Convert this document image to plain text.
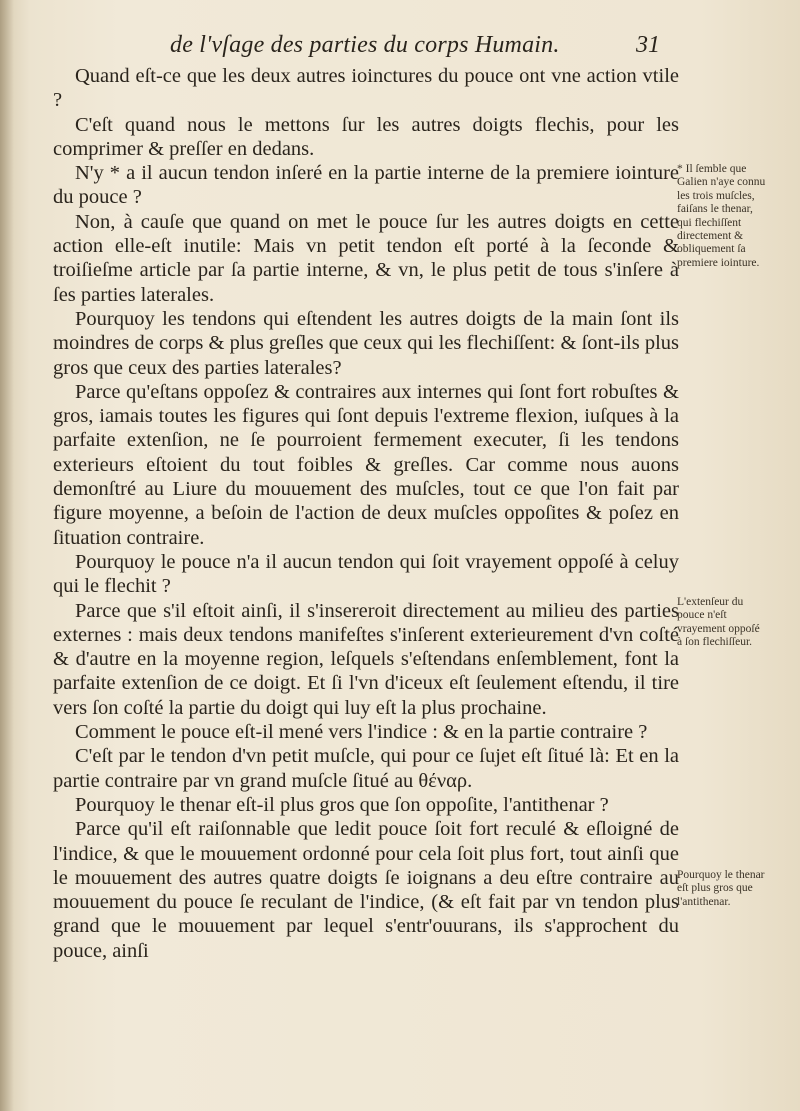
de l'vſage des parties du corps Humain.	31

Quand eſt-ce que les deux autres ioinctures du pouce ont vne action vtile ?

C'eſt quand nous le mettons ſur les autres doigts flechis, pour les comprimer & preſſer en dedans.

N'y * a il aucun tendon inſeré en la partie interne de la premiere iointure du pouce ?

Non, à cauſe que quand on met le pouce ſur les autres doigts en cette action elle-eſt inutile: Mais vn petit tendon eſt porté à la ſeconde & troiſieſme article par ſa partie interne, & vn, le plus petit de tous s'inſere à ſes parties laterales.

Pourquoy les tendons qui eſtendent les autres doigts de la main ſont ils moindres de corps & plus greſles que ceux qui les flechiſſent: & ſont-ils plus gros que ceux des parties laterales?

Parce qu'eſtans oppoſez & contraires aux internes qui ſont fort robuſtes & gros, iamais toutes les figures qui ſont depuis l'extreme flexion, iuſques à la parfaite extenſion, ne ſe pourroient fermement executer, ſi les tendons exterieurs eſtoient du tout foibles & greſles. Car comme nous auons demonſtré au Liure du mouuement des muſcles, tout ce que l'on fait par figure moyenne, a beſoin de l'action de deux muſcles oppoſites & poſez en ſituation contraire.

Pourquoy le pouce n'a il aucun tendon qui ſoit vrayement oppoſé à celuy qui le flechit ?

Parce que s'il eſtoit ainſi, il s'insereroit directement au milieu des parties externes : mais deux tendons manifeſtes s'inſerent exterieurement d'vn coſté & d'autre en la moyenne region, leſquels s'eſtendans enſemblement, font la parfaite extenſion de ce doigt. Et ſi l'vn d'iceux eſt ſeulement eſtendu, il tire vers ſon coſté la partie du doigt qui luy eſt la plus prochaine.

Comment le pouce eſt-il mené vers l'indice : & en la partie contraire ?

C'eſt par le tendon d'vn petit muſcle, qui pour ce ſujet eſt ſitué là: Et en la partie contraire par vn grand muſcle ſitué au θέναρ.

Pourquoy le thenar eſt-il plus gros que ſon oppoſite, l'antithenar ?

Parce qu'il eſt raiſonnable que ledit pouce ſoit fort reculé & eſloigné de l'indice, & que le mouuement ordonné pour cela ſoit plus fort, tout ainſi que le mouuement des autres quatre doigts ſe ioignans a deu eſtre contraire au mouuement du pouce ſe reculant de l'indice, (& eſt fait par vn tendon plus grand que le mouuement par lequel s'entr'ouurans, ils s'approchent du pouce, ainſi

* Il ſemble que Galien n'aye connu les trois muſcles, faiſans le thenar, qui flechiſſent directement & obliquement ſa premiere iointure.
L'extenſeur du pouce n'eſt vrayement oppoſé à ſon flechiſſeur.
Pourquoy le thenar eſt plus gros que l'antithenar.
